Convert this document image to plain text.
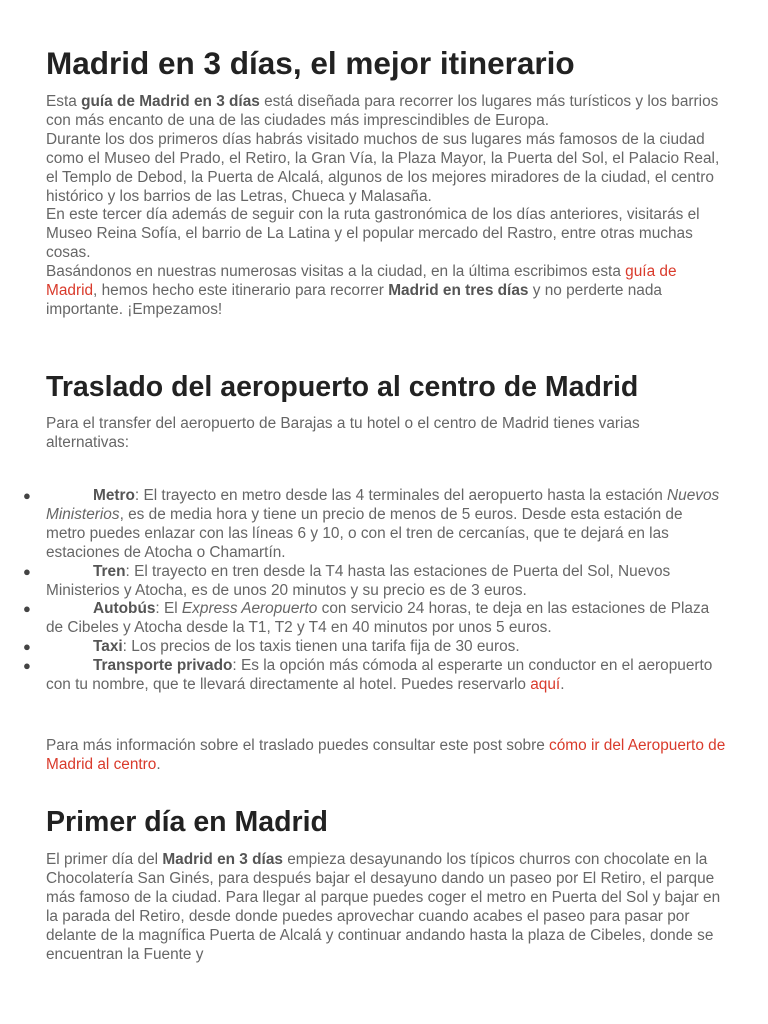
Madrid en 3 días, el mejor itinerario

Esta guía de Madrid en 3 días está diseñada para recorrer los lugares más turísticos y los barrios con más encanto de una de las ciudades más imprescindibles de Europa.

Durante los dos primeros días habrás visitado muchos de sus lugares más famosos de la ciudad como el Museo del Prado, el Retiro, la Gran Vía, la Plaza Mayor, la Puerta del Sol, el Palacio Real, el Templo de Debod, la Puerta de Alcalá, algunos de los mejores miradores de la ciudad, el centro histórico y los barrios de las Letras, Chueca y Malasaña.

En este tercer día además de seguir con la ruta gastronómica de los días anteriores, visitarás el Museo Reina Sofía, el barrio de La Latina y el popular mercado del Rastro, entre otras muchas cosas.

Basándonos en nuestras numerosas visitas a la ciudad, en la última escribimos esta guía de Madrid, hemos hecho este itinerario para recorrer Madrid en tres días y no perderte nada importante. ¡Empezamos!

Traslado del aeropuerto al centro de Madrid

Para el transfer del aeropuerto de Barajas a tu hotel o el centro de Madrid tienes varias alternativas:

●	Metro: El trayecto en metro desde las 4 terminales del aeropuerto hasta la estación Nuevos Ministerios, es de media hora y tiene un precio de menos de 5 euros. Desde esta estación de metro puedes enlazar con las líneas 6 y 10, o con el tren de cercanías, que te dejará en las estaciones de Atocha o Chamartín.
●	Tren: El trayecto en tren desde la T4 hasta las estaciones de Puerta del Sol, Nuevos Ministerios y Atocha, es de unos 20 minutos y su precio es de 3 euros.
●	Autobús: El Express Aeropuerto con servicio 24 horas, te deja en las estaciones de Plaza de Cibeles y Atocha desde la T1, T2 y T4 en 40 minutos por unos 5 euros.
●	Taxi: Los precios de los taxis tienen una tarifa fija de 30 euros.
●	Transporte privado: Es la opción más cómoda al esperarte un conductor en el aeropuerto con tu nombre, que te llevará directamente al hotel. Puedes reservarlo aquí.

Para más información sobre el traslado puedes consultar este post sobre cómo ir del Aeropuerto de Madrid al centro.

Primer día en Madrid

El primer día del Madrid en 3 días empieza desayunando los típicos churros con chocolate en la Chocolatería San Ginés, para después bajar el desayuno dando un paseo por El Retiro, el parque más famoso de la ciudad. Para llegar al parque puedes coger el metro en Puerta del Sol y bajar en la parada del Retiro, desde donde puedes aprovechar cuando acabes el paseo para pasar por delante de la magnífica Puerta de Alcalá y continuar andando hasta la plaza de Cibeles, donde se encuentran la Fuente y
